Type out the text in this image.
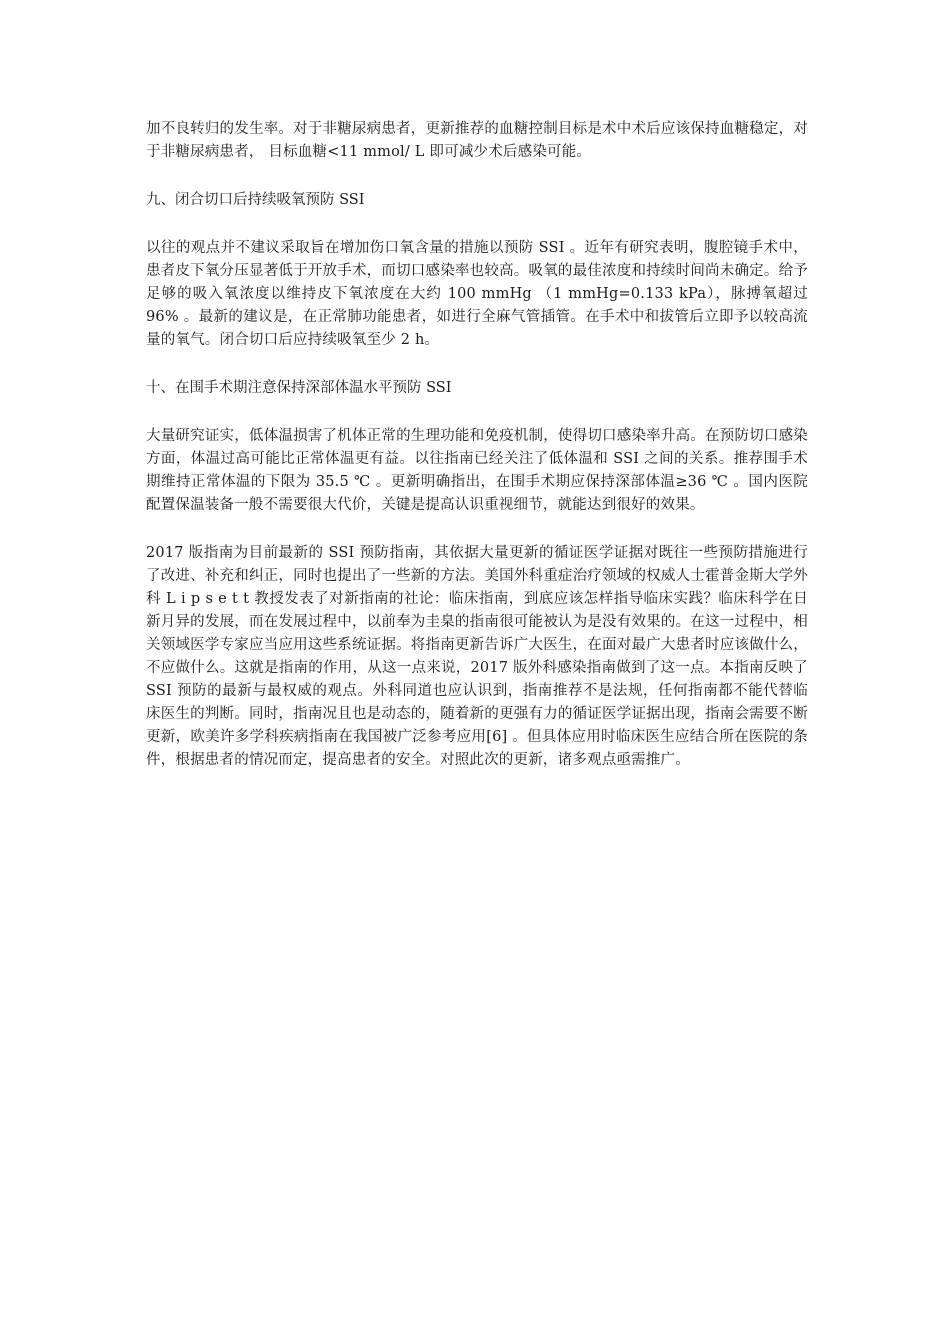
加不良转归的发生率。对于非糖尿病患者，更新推荐的血糖控制目标是术中术后应该保持血糖稳定，对于非糖尿病患者， 目标血糖<11 mmol/ L 即可减少术后感染可能。

九、闭合切口后持续吸氧预防 SSI

以往的观点并不建议采取旨在增加伤口氧含量的措施以预防 SSI 。近年有研究表明，腹腔镜手术中，患者皮下氧分压显著低于开放手术，而切口感染率也较高。吸氧的最佳浓度和持续时间尚未确定。给予足够的吸入氧浓度以维持皮下氧浓度在大约 100 mmHg （1 mmHg=0.133 kPa），脉搏氧超过 96% 。最新的建议是，在正常肺功能患者，如进行全麻气管插管。在手术中和拔管后立即予以较高流量的氧气。闭合切口后应持续吸氧至少 2 h。

十、在围手术期注意保持深部体温水平预防 SSI

大量研究证实，低体温损害了机体正常的生理功能和免疫机制，使得切口感染率升高。在预防切口感染方面，体温过高可能比正常体温更有益。以往指南已经关注了低体温和 SSI 之间的关系。推荐围手术期维持正常体温的下限为 35.5 ℃ 。更新明确指出，在围手术期应保持深部体温≥36 ℃ 。国内医院配置保温装备一般不需要很大代价，关键是提高认识重视细节，就能达到很好的效果。

2017 版指南为目前最新的 SSI 预防指南，其依据大量更新的循证医学证据对既往一些预防措施进行了改进、补充和纠正，同时也提出了一些新的方法。美国外科重症治疗领域的权威人士霍普金斯大学外科 L i p s e t t 教授发表了对新指南的社论：临床指南，到底应该怎样指导临床实践？临床科学在日新月异的发展，而在发展过程中，以前奉为圭臬的指南很可能被认为是没有效果的。在这一过程中，相关领域医学专家应当应用这些系统证据。将指南更新告诉广大医生，在面对最广大患者时应该做什么，不应做什么。这就是指南的作用，从这一点来说，2017 版外科感染指南做到了这一点。本指南反映了 SSI 预防的最新与最权威的观点。外科同道也应认识到，指南推荐不是法规，任何指南都不能代替临床医生的判断。同时，指南况且也是动态的，随着新的更强有力的循证医学证据出现，指南会需要不断更新，欧美许多学科疾病指南在我国被广泛参考应用[6] 。但具体应用时临床医生应结合所在医院的条件，根据患者的情况而定，提高患者的安全。对照此次的更新，诸多观点亟需推广。
